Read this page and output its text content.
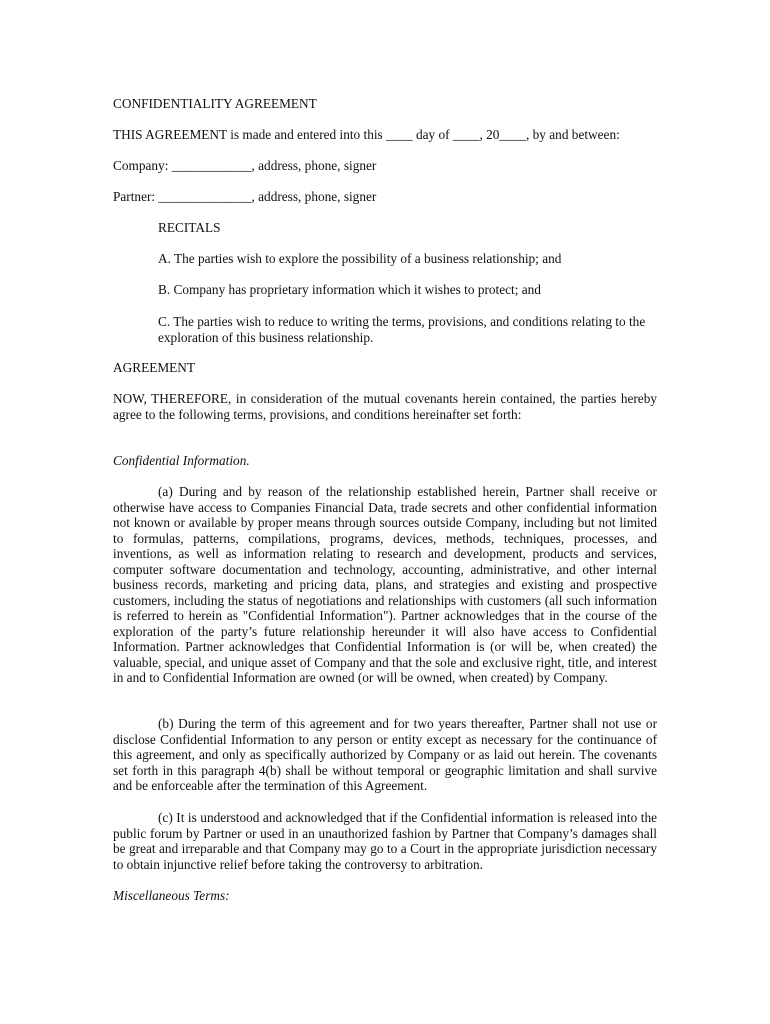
CONFIDENTIALITY AGREEMENT
THIS AGREEMENT is made and entered into this ____ day of ____, 20____, by and between:
Company: ____________, address, phone, signer
Partner: ______________, address, phone, signer
RECITALS
A. The parties wish to explore the possibility of a business relationship; and
B. Company has proprietary information which it wishes to protect; and
C. The parties wish to reduce to writing the terms, provisions, and conditions relating to the exploration of this business relationship.
AGREEMENT
NOW, THEREFORE, in consideration of the mutual covenants herein contained, the parties hereby agree to the following terms, provisions, and conditions hereinafter set forth:
Confidential Information.
(a) During and by reason of the relationship established herein, Partner shall receive or otherwise have access to Companies Financial Data, trade secrets and other confidential information not known or available by proper means through sources outside Company, including but not limited to formulas, patterns, compilations, programs, devices, methods, techniques, processes, and inventions, as well as information relating to research and development, products and services, computer software documentation and technology, accounting, administrative, and other internal business records, marketing and pricing data, plans, and strategies and existing and prospective customers, including the status of negotiations and relationships with customers (all such information is referred to herein as "Confidential Information"). Partner acknowledges that in the course of the exploration of the party’s future relationship hereunder it will also have access to Confidential Information. Partner acknowledges that Confidential Information is (or will be, when created) the valuable, special, and unique asset of Company and that the sole and exclusive right, title, and interest in and to Confidential Information are owned (or will be owned, when created) by Company.
(b) During the term of this agreement and for two years thereafter, Partner shall not use or disclose Confidential Information to any person or entity except as necessary for the continuance of this agreement, and only as specifically authorized by Company or as laid out herein. The covenants set forth in this paragraph 4(b) shall be without temporal or geographic limitation and shall survive and be enforceable after the termination of this Agreement.
(c) It is understood and acknowledged that if the Confidential information is released into the public forum by Partner or used in an unauthorized fashion by Partner that Company’s damages shall be great and irreparable and that Company may go to a Court in the appropriate jurisdiction necessary to obtain injunctive relief before taking the controversy to arbitration.
Miscellaneous Terms:
